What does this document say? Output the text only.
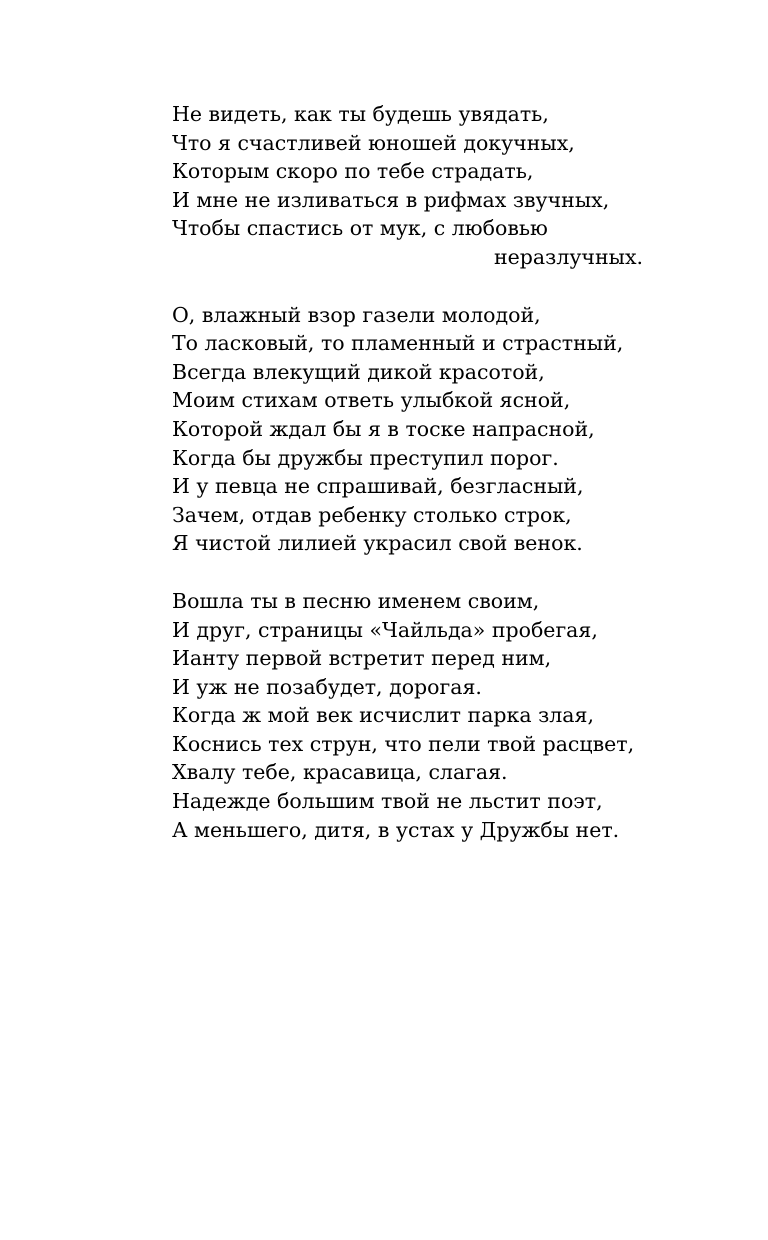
Не видеть, как ты будешь увядать,
Что я счастливей юношей докучных,
Которым скоро по тебе страдать,
И мне не изливаться в рифмах звучных,
Чтобы спастись от мук, с любовью
неразлучных.
О, влажный взор газели молодой,
То ласковый, то пламенный и страстный,
Всегда влекущий дикой красотой,
Моим стихам ответь улыбкой ясной,
Которой ждал бы я в тоске напрасной,
Когда бы дружбы преступил порог.
И у певца не спрашивай, безгласный,
Зачем, отдав ребенку столько строк,
Я чистой лилией украсил свой венок.
Вошла ты в песню именем своим,
И друг, страницы «Чайльда» пробегая,
Ианту первой встретит перед ним,
И уж не позабудет, дорогая.
Когда ж мой век исчислит парка злая,
Коснись тех струн, что пели твой расцвет,
Хвалу тебе, красавица, слагая.
Надежде большим твой не льстит поэт,
А меньшего, дитя, в устах у Дружбы нет.
